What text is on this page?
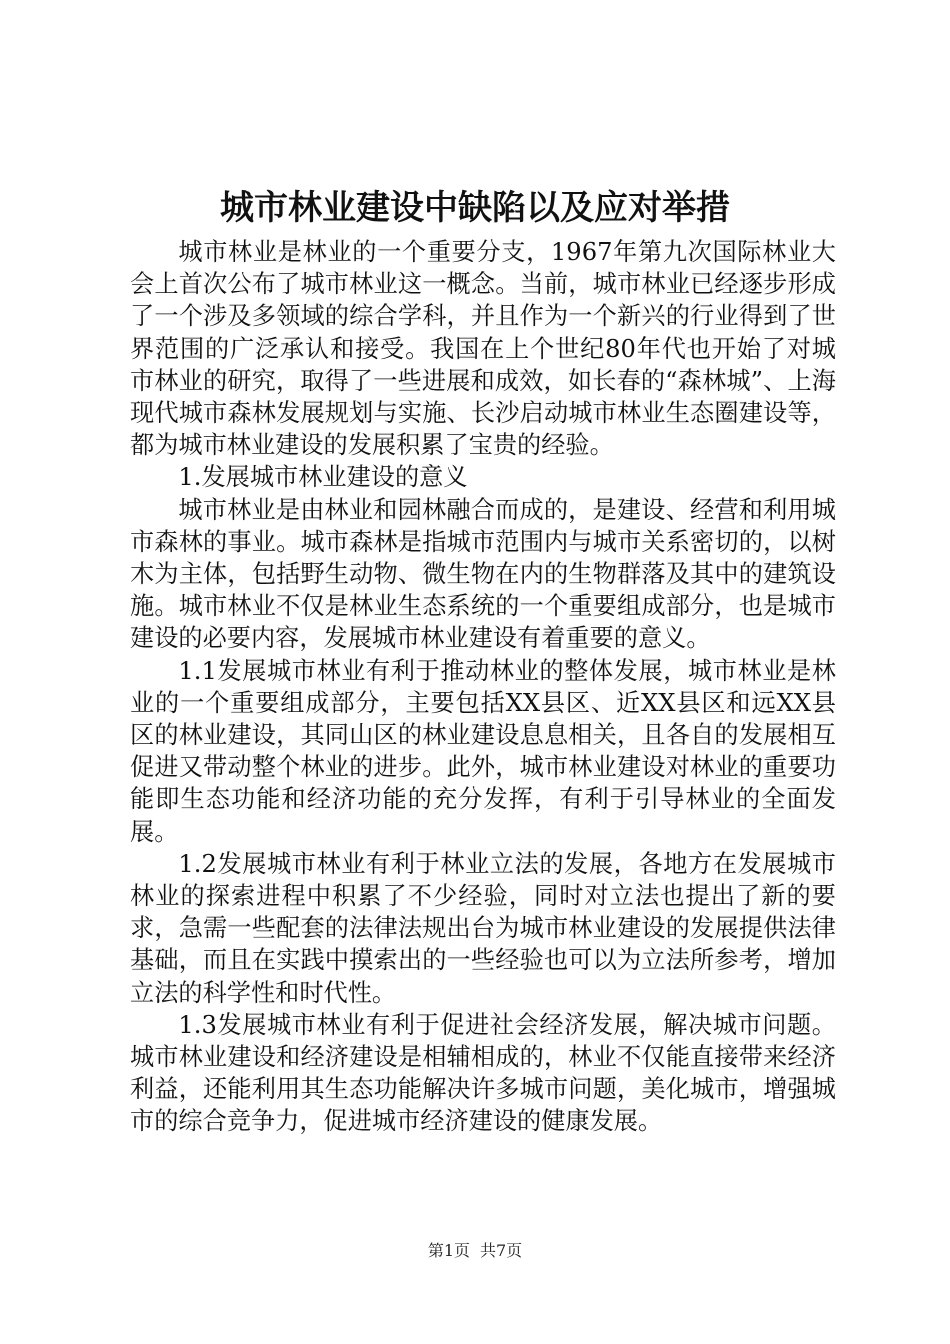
城市林业建设中缺陷以及应对举措

城市林业是林业的一个重要分支，1967年第九次国际林业大会上首次公布了城市林业这一概念。当前，城市林业已经逐步形成了一个涉及多领域的综合学科，并且作为一个新兴的行业得到了世界范围的广泛承认和接受。我国在上个世纪80年代也开始了对城市林业的研究，取得了一些进展和成效，如长春的“森林城”、上海现代城市森林发展规划与实施、长沙启动城市林业生态圈建设等，都为城市林业建设的发展积累了宝贵的经验。

1.发展城市林业建设的意义

城市林业是由林业和园林融合而成的，是建设、经营和利用城市森林的事业。城市森林是指城市范围内与城市关系密切的，以树木为主体，包括野生动物、微生物在内的生物群落及其中的建筑设施。城市林业不仅是林业生态系统的一个重要组成部分，也是城市建设的必要内容，发展城市林业建设有着重要的意义。

1.1发展城市林业有利于推动林业的整体发展，城市林业是林业的一个重要组成部分，主要包括XX县区、近XX县区和远XX县区的林业建设，其同山区的林业建设息息相关，且各自的发展相互促进又带动整个林业的进步。此外，城市林业建设对林业的重要功能即生态功能和经济功能的充分发挥，有利于引导林业的全面发展。

1.2发展城市林业有利于林业立法的发展，各地方在发展城市林业的探索进程中积累了不少经验，同时对立法也提出了新的要求，急需一些配套的法律法规出台为城市林业建设的发展提供法律基础，而且在实践中摸索出的一些经验也可以为立法所参考，增加立法的科学性和时代性。

1.3发展城市林业有利于促进社会经济发展，解决城市问题。城市林业建设和经济建设是相辅相成的，林业不仅能直接带来经济利益，还能利用其生态功能解决许多城市问题，美化城市，增强城市的综合竞争力，促进城市经济建设的健康发展。

第1页 共7页
